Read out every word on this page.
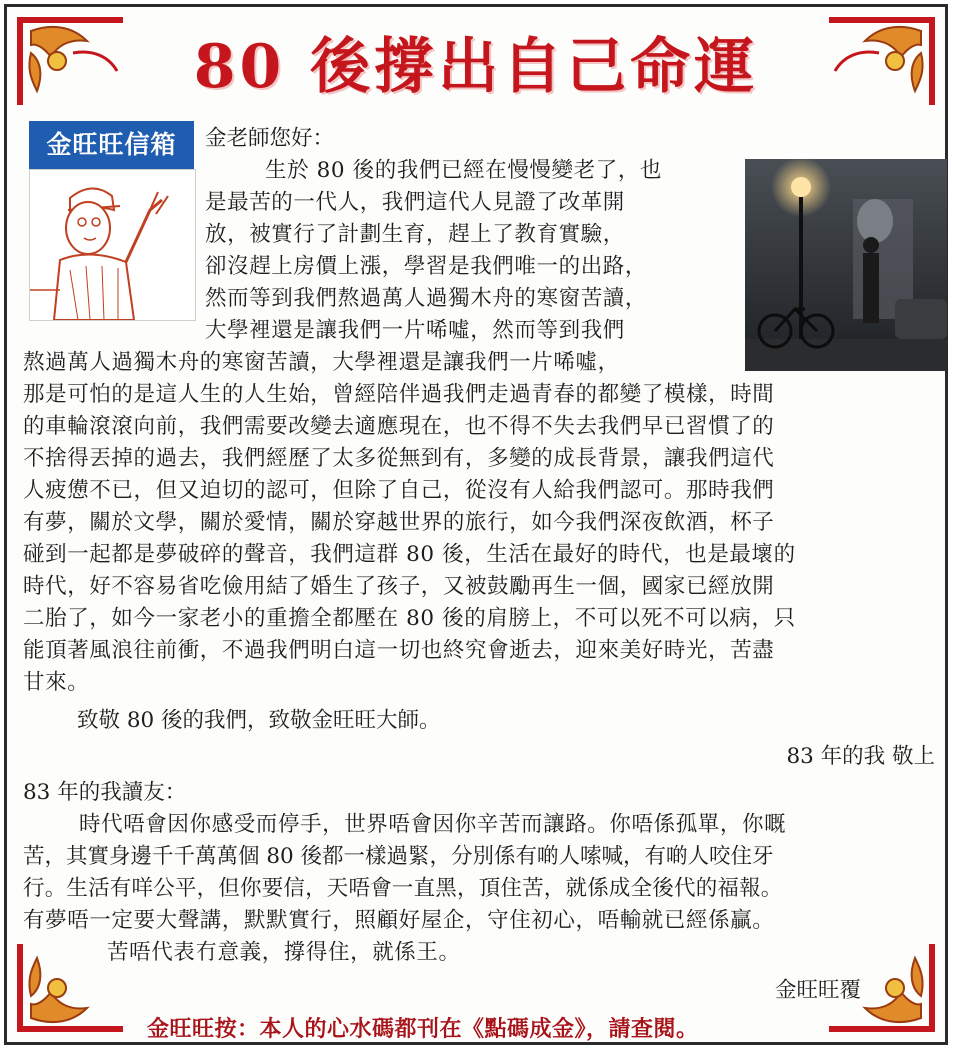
80 後撐出自己命運
金旺旺信箱	金老師您好：
生於 80 後的我們已經在慢慢變老了，也
是最苦的一代人，我們這代人見證了改革開
放，被實行了計劃生育，趕上了教育實驗，
卻沒趕上房價上漲，學習是我們唯一的出路，
然而等到我們熬過萬人過獨木舟的寒窗苦讀，
大學裡還是讓我們一片唏噓，然而等到我們
熬過萬人過獨木舟的寒窗苦讀，大學裡還是讓我們一片唏噓，
那是可怕的是這人生的人生始，曾經陪伴過我們走過青春的都變了模樣，時間
的車輪滾滾向前，我們需要改變去適應現在，也不得不失去我們早已習慣了的
不捨得丟掉的過去，我們經歷了太多從無到有，多變的成長背景，讓我們這代
人疲憊不已，但又迫切的認可，但除了自己，從沒有人給我們認可。那時我們
有夢，關於文學，關於愛情，關於穿越世界的旅行，如今我們深夜飲酒，杯子
碰到一起都是夢破碎的聲音，我們這群 80 後，生活在最好的時代，也是最壞的
時代，好不容易省吃儉用結了婚生了孩子，又被鼓勵再生一個，國家已經放開
二胎了，如今一家老小的重擔全都壓在 80 後的肩膀上，不可以死不可以病，只
能頂著風浪往前衝，不過我們明白這一切也終究會逝去，迎來美好時光，苦盡
甘來。
致敬 80 後的我們，致敬金旺旺大師。
83 年的我 敬上
83 年的我讀友：
時代唔會因你感受而停手，世界唔會因你辛苦而讓路。你唔係孤單，你嘅
苦，其實身邊千千萬萬個 80 後都一樣過緊，分別係有啲人嗦喊，有啲人咬住牙
行。生活有咩公平，但你要信，天唔會一直黑，頂住苦，就係成全後代的福報。
有夢唔一定要大聲講，默默實行，照顧好屋企，守住初心，唔輸就已經係贏。
苦唔代表冇意義，撐得住，就係王。
金旺旺覆
金旺旺按：本人的心水碼都刊在《點碼成金》，請查閱。
